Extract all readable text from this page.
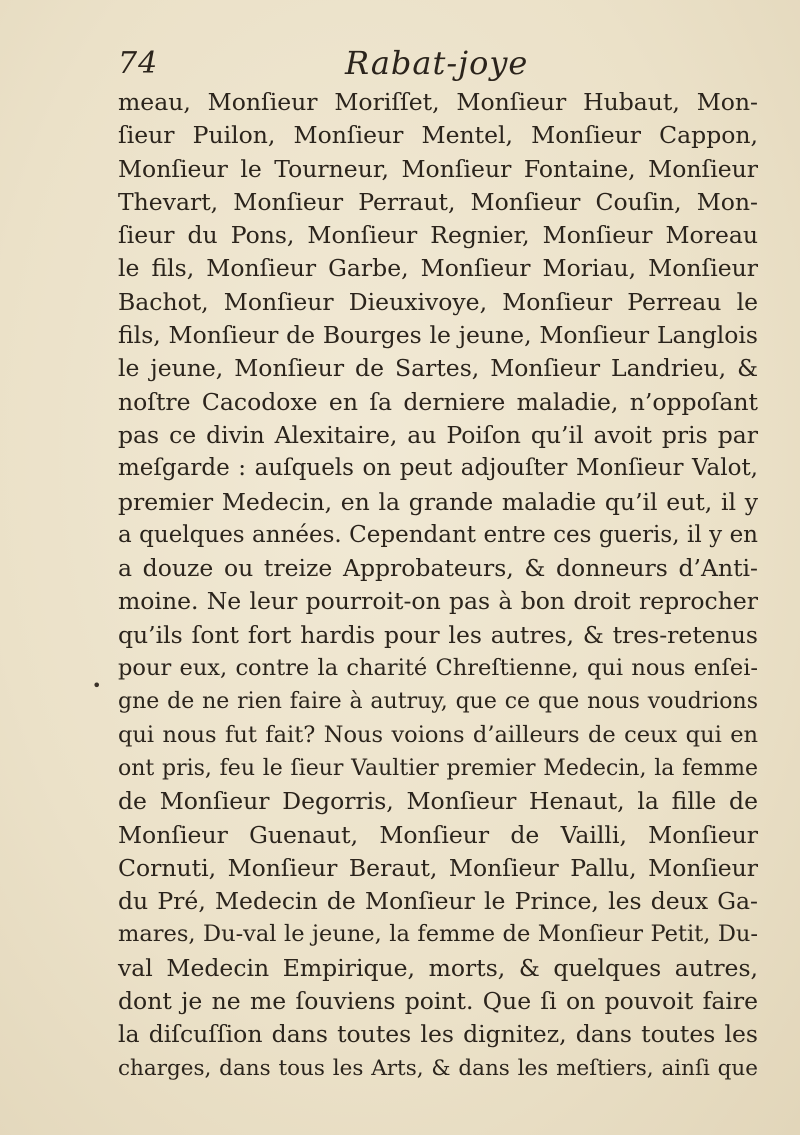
74	Rabat-joye
•
meau, Monſieur Moriſſet, Monſieur Hubaut, Mon-
ſieur Puilon, Monſieur Mentel, Monſieur Cappon,
Monſieur le Tourneur, Monſieur Fontaine, Monſieur
Thevart, Monſieur Perraut, Monſieur Couſin, Mon-
ſieur du Pons, Monſieur Regnier, Monſieur Moreau
le fils, Monſieur Garbe, Monſieur Moriau, Monſieur
Bachot, Monſieur Dieuxivoye, Monſieur Perreau le
fils, Monſieur de Bourges le jeune, Monſieur Langlois
le jeune, Monſieur de Sartes, Monſieur Landrieu, &
noſtre Cacodoxe en ſa derniere maladie, n’oppoſant
pas ce divin Alexitaire, au Poiſon qu’il avoit pris par
meſgarde : auſquels on peut adjouſter Monſieur Valot,
premier Medecin, en la grande maladie qu’il eut, il y
a quelques années. Cependant entre ces gueris, il y en
a douze ou treize Approbateurs, & donneurs d’Anti-
moine. Ne leur pourroit-on pas à bon droit reprocher
qu’ils ſont fort hardis pour les autres, & tres-retenus
pour eux, contre la charité Chreſtienne, qui nous enſei-
gne de ne rien faire à autruy, que ce que nous voudrions
qui nous fut fait? Nous voions d’ailleurs de ceux qui en
ont pris, feu le ſieur Vaultier premier Medecin, la femme
de Monſieur Degorris, Monſieur Henaut, la fille de
Monſieur Guenaut, Monſieur de Vailli, Monſieur
Cornuti, Monſieur Beraut, Monſieur Pallu, Monſieur
du Pré, Medecin de Monſieur le Prince, les deux Ga-
mares, Du-val le jeune, la femme de Monſieur Petit, Du-
val Medecin Empirique, morts, & quelques autres,
dont je ne me ſouviens point. Que ſi on pouvoit faire
la diſcuſſion dans toutes les dignitez, dans toutes les
charges, dans tous les Arts, & dans les meſtiers, ainſi que
